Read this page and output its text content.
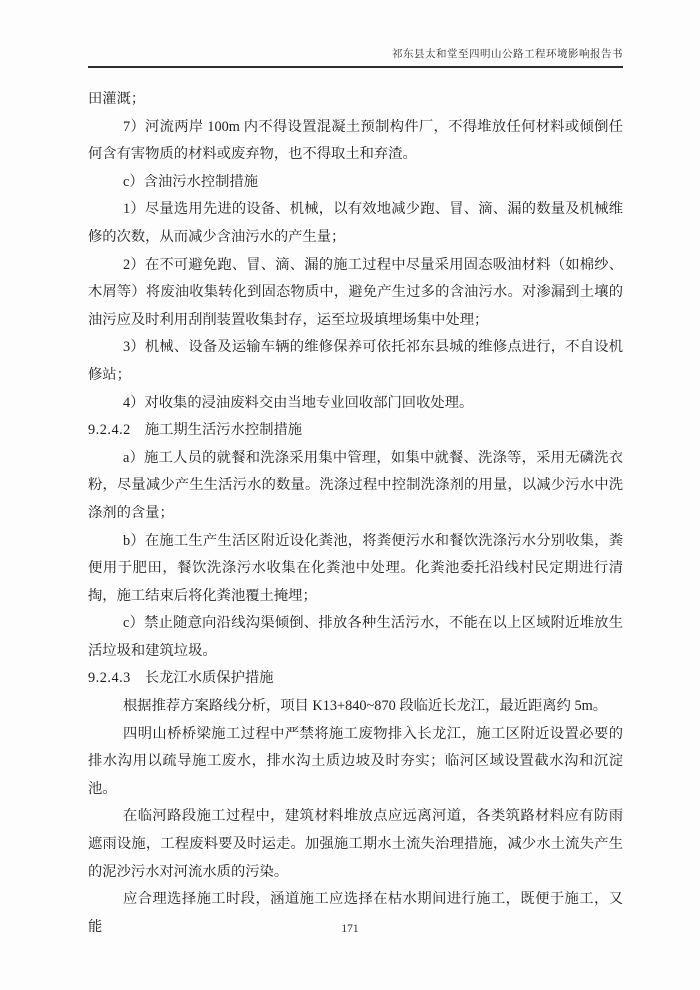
祁东县太和堂至四明山公路工程环境影响报告书

田灌溉；

7）河流两岸 100m 内不得设置混凝土预制构件厂，不得堆放任何材料或倾倒任何含有害物质的材料或废弃物，也不得取土和弃渣。

c）含油污水控制措施

1）尽量选用先进的设备、机械，以有效地减少跑、冒、滴、漏的数量及机械维修的次数，从而减少含油污水的产生量；

2）在不可避免跑、冒、滴、漏的施工过程中尽量采用固态吸油材料（如棉纱、木屑等）将废油收集转化到固态物质中，避免产生过多的含油污水。对渗漏到土壤的油污应及时利用刮削装置收集封存，运至垃圾填埋场集中处理；

3）机械、设备及运输车辆的维修保养可依托祁东县城的维修点进行，不自设机修站；

4）对收集的浸油废料交由当地专业回收部门回收处理。

9.2.4.2 施工期生活污水控制措施

a）施工人员的就餐和洗涤采用集中管理，如集中就餐、洗涤等，采用无磷洗衣粉，尽量减少产生生活污水的数量。洗涤过程中控制洗涤剂的用量，以减少污水中洗涤剂的含量；

b）在施工生产生活区附近设化粪池，将粪便污水和餐饮洗涤污水分别收集，粪便用于肥田，餐饮洗涤污水收集在化粪池中处理。化粪池委托沿线村民定期进行清掏，施工结束后将化粪池覆土掩埋；

c）禁止随意向沿线沟渠倾倒、排放各种生活污水，不能在以上区域附近堆放生活垃圾和建筑垃圾。

9.2.4.3 长龙江水质保护措施

根据推荐方案路线分析，项目 K13+840~870 段临近长龙江，最近距离约 5m。

四明山桥桥梁施工过程中严禁将施工废物排入长龙江，施工区附近设置必要的排水沟用以疏导施工废水，排水沟土质边坡及时夯实；临河区域设置截水沟和沉淀池。

在临河路段施工过程中，建筑材料堆放点应远离河道，各类筑路材料应有防雨遮雨设施，工程废料要及时运走。加强施工期水土流失治理措施，减少水土流失产生的泥沙污水对河流水质的污染。

应合理选择施工时段，涵道施工应选择在枯水期间进行施工，既便于施工，又能	171
